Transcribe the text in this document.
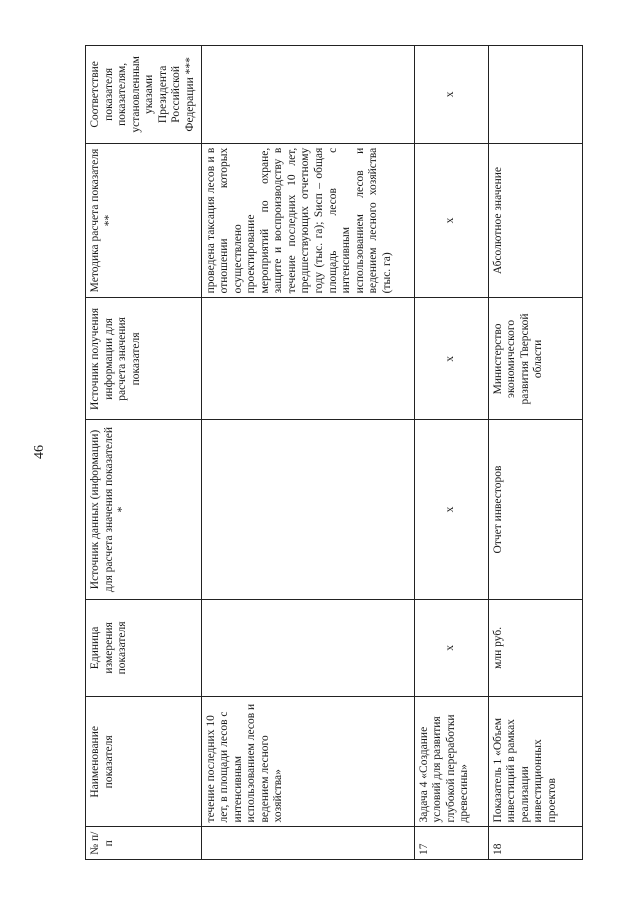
46
№ п/п	Наименование показателя	Единица измерения показателя	Источник данных (информации) для расчета значения показателей *	Источник получения информации для расчета значения показателя	Методика расчета показателя **	Соответствие показателя показателям, установленным указами Президента Российской Федерации ***
	течение последних 10 лет, в площади лесов с интенсивным использованием лесов и ведением лесного хозяйства»				проведена таксация лесов и в отношении которых осуществлено проектирование мероприятий по охране, защите и воспроизводству в течение последних 10 лет, предшествующих отчетному году (тыс. га); Sисп – общая площадь лесов с интенсивным использованием лесов и ведением лесного хозяйства (тыс. га)	
17	Задача 4 «Создание условий для развития глубокой переработки древесины»	х	х	х	х	х
18	Показатель 1 «Объем инвестиций в рамках реализации инвестиционных проектов	млн руб.	Отчет инвесторов	Министерство экономического развития Тверской области	Абсолютное значение	
